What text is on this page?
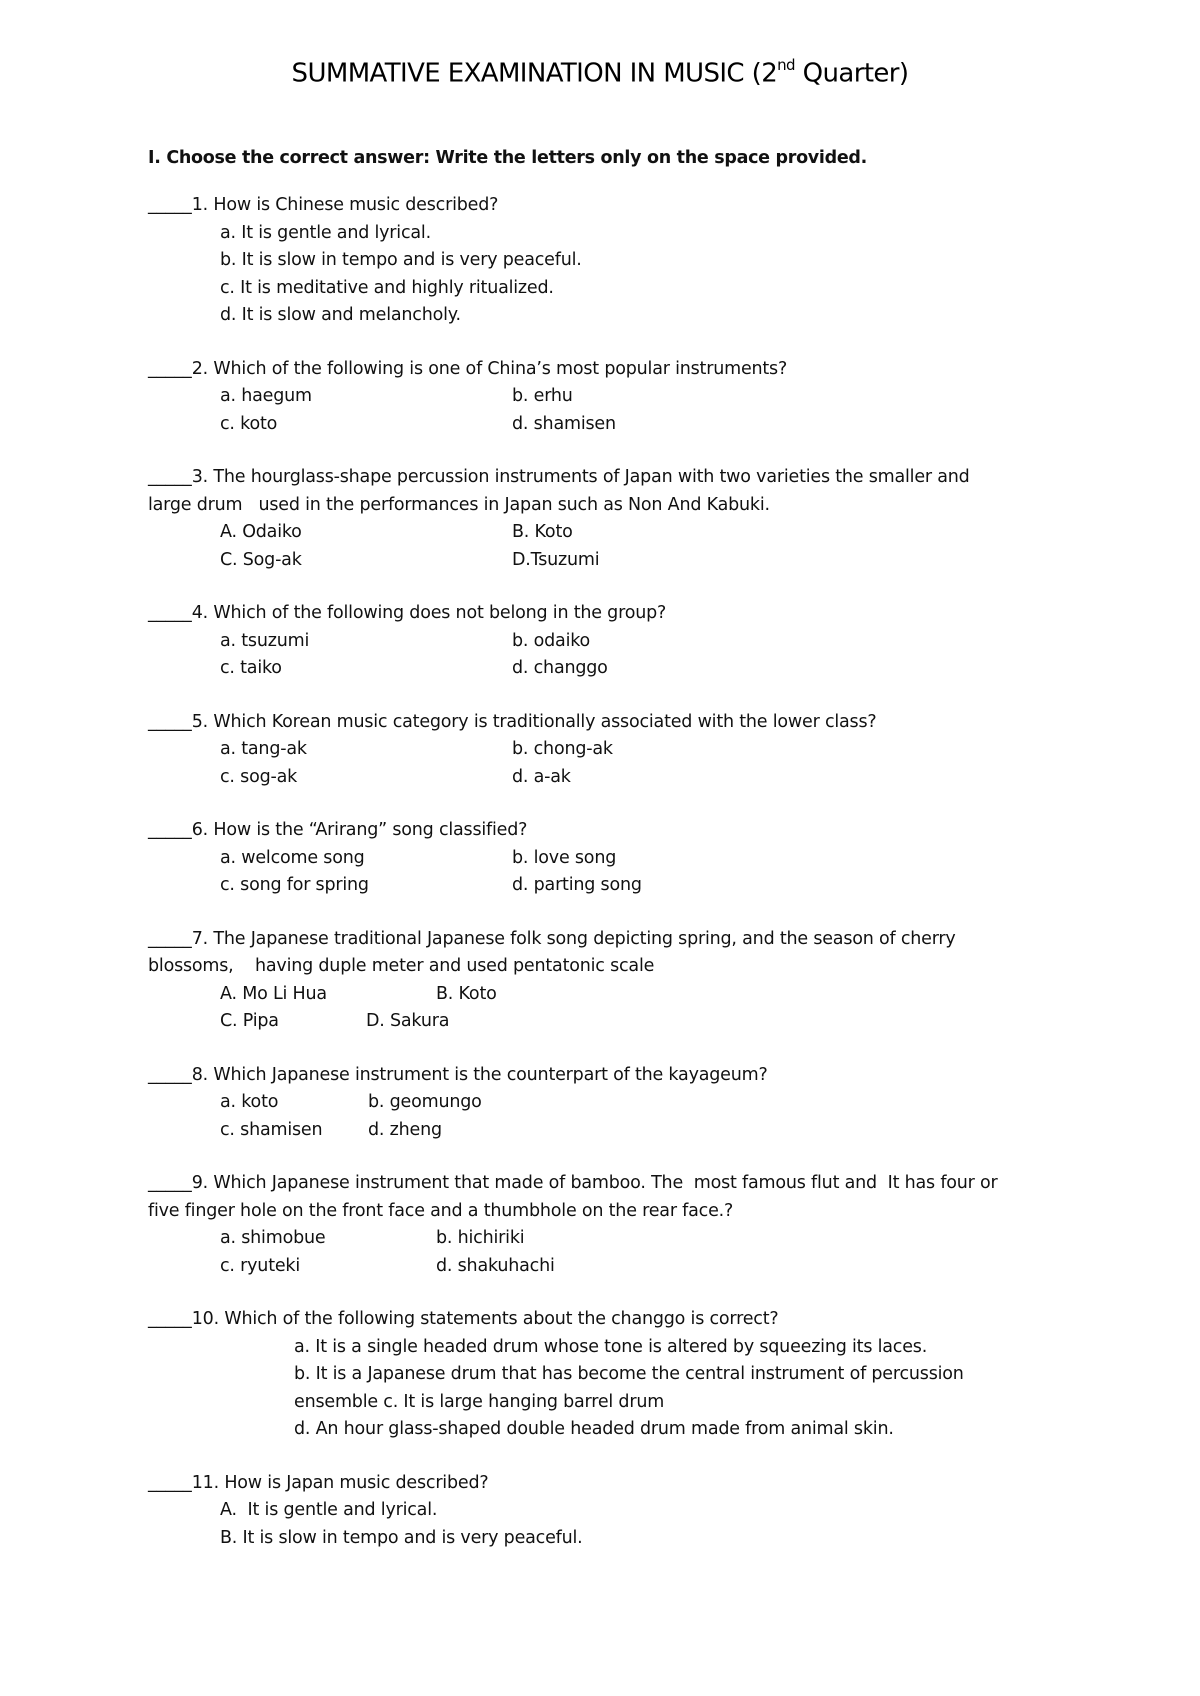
SUMMATIVE EXAMINATION IN MUSIC (2nd Quarter)
I. Choose the correct answer: Write the letters only on the space provided.
_____1. How is Chinese music described?
a. It is gentle and lyrical.
b. It is slow in tempo and is very peaceful.
c. It is meditative and highly ritualized.
d. It is slow and melancholy.
_____2. Which of the following is one of China’s most popular instruments?
a. haegum	b. erhu
c. koto	d. shamisen
_____3. The hourglass-shape percussion instruments of Japan with two varieties the smaller and
large drum   used in the performances in Japan such as Non And Kabuki.
A. Odaiko	B. Koto
C. Sog-ak	D.Tsuzumi
_____4. Which of the following does not belong in the group?
a. tsuzumi	b. odaiko
c. taiko	d. changgo
_____5. Which Korean music category is traditionally associated with the lower class?
a. tang-ak	b. chong-ak
c. sog-ak	d. a-ak
_____6. How is the “Arirang” song classified?
a. welcome song	b. love song
c. song for spring	d. parting song
_____7. The Japanese traditional Japanese folk song depicting spring, and the season of cherry
blossoms,    having duple meter and used pentatonic scale
A. Mo Li Hua	B. Koto
C. Pipa	D. Sakura
_____8. Which Japanese instrument is the counterpart of the kayageum?
a. koto	b. geomungo
c. shamisen	d. zheng
_____9. Which Japanese instrument that made of bamboo. The  most famous flut and  It has four or
five finger hole on the front face and a thumbhole on the rear face.?
a. shimobue	b. hichiriki
c. ryuteki	d. shakuhachi
_____10. Which of the following statements about the changgo is correct?
a. It is a single headed drum whose tone is altered by squeezing its laces.
b. It is a Japanese drum that has become the central instrument of percussion ensemble c. It is large hanging barrel drum
d. An hour glass-shaped double headed drum made from animal skin.
_____11. How is Japan music described?
A.  It is gentle and lyrical.
B. It is slow in tempo and is very peaceful.
